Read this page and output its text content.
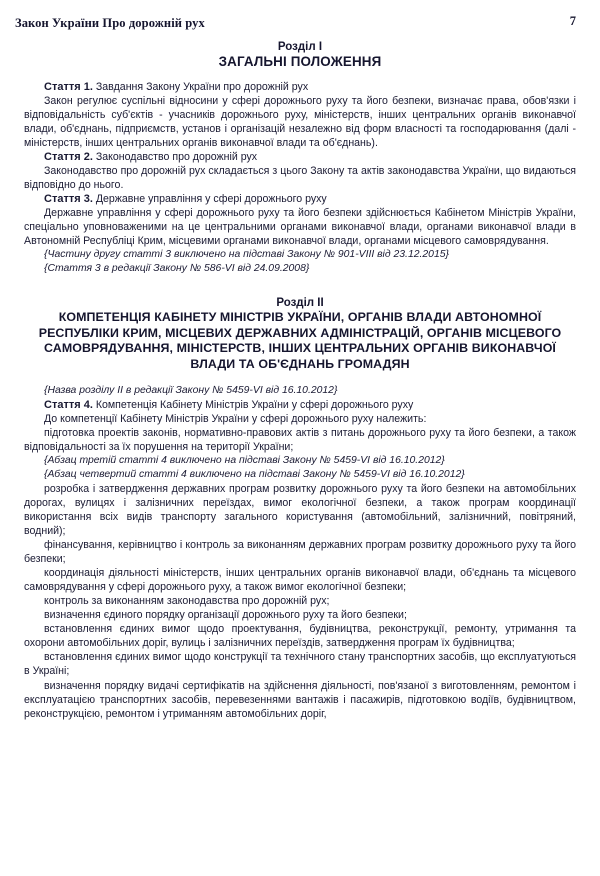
Закон України Про дорожній рух	7
Розділ I
ЗАГАЛЬНІ ПОЛОЖЕННЯ

Стаття 1. Завдання Закону України про дорожній рух

Закон регулює суспільні відносини у сфері дорожнього руху та його безпеки, визначає права, обов'язки і відповідальність суб'єктів - учасників дорожнього руху, міністерств, інших центральних органів виконавчої влади, об'єднань, підприємств, установ і організацій незалежно від форм власності та господарювання (далі - міністерств, інших центральних органів виконавчої влади та об'єднань).

Стаття 2. Законодавство про дорожній рух

Законодавство про дорожній рух складається з цього Закону та актів законодавства України, що видаються відповідно до нього.

Стаття 3. Державне управління у сфері дорожнього руху

Державне управління у сфері дорожнього руху та його безпеки здійснюється Кабінетом Міністрів України, спеціально уповноваженими на це центральними органами виконавчої влади, органами виконавчої влади в Автономній Республіці Крим, місцевими органами виконавчої влади, органами місцевого самоврядування.

{Частину другу статті 3 виключено на підставі Закону № 901-VIII від 23.12.2015}

{Стаття 3 в редакції Закону № 586-VI від 24.09.2008}

Розділ II
КОМПЕТЕНЦІЯ КАБІНЕТУ МІНІСТРІВ УКРАЇНИ, ОРГАНІВ ВЛАДИ АВТОНОМНОЇ РЕСПУБЛІКИ КРИМ, МІСЦЕВИХ ДЕРЖАВНИХ АДМІНІСТРАЦІЙ, ОРГАНІВ МІСЦЕВОГО САМОВРЯДУВАННЯ, МІНІСТЕРСТВ, ІНШИХ ЦЕНТРАЛЬНИХ ОРГАНІВ ВИКОНАВЧОЇ ВЛАДИ ТА ОБ'ЄДНАНЬ ГРОМАДЯН

{Назва розділу II в редакції Закону № 5459-VI від 16.10.2012}

Стаття 4. Компетенція Кабінету Міністрів України у сфері дорожнього руху

До компетенції Кабінету Міністрів України у сфері дорожнього руху належить:

підготовка проектів законів, нормативно-правових актів з питань дорожнього руху та його безпеки, а також відповідальності за їх порушення на території України;

{Абзац третій статті 4 виключено на підставі Закону № 5459-VI від 16.10.2012}

{Абзац четвертий статті 4 виключено на підставі Закону № 5459-VI від 16.10.2012}

розробка і затвердження державних програм розвитку дорожнього руху та його безпеки на автомобільних дорогах, вулицях і залізничних переїздах, вимог екологічної безпеки, а також програм координації використання всіх видів транспорту загального користування (автомобільний, залізничний, повітряний, водний);

фінансування, керівництво і контроль за виконанням державних програм розвитку дорожнього руху та його безпеки;

координація діяльності міністерств, інших центральних органів виконавчої влади, об'єднань та місцевого самоврядування у сфері дорожнього руху, а також вимог екологічної безпеки;

контроль за виконанням законодавства про дорожній рух;

визначення єдиного порядку організації дорожнього руху та його безпеки;

встановлення єдиних вимог щодо проектування, будівництва, реконструкції, ремонту, утримання та охорони автомобільних доріг, вулиць і залізничних переїздів, затвердження програм їх будівництва;

встановлення єдиних вимог щодо конструкції та технічного стану транспортних засобів, що експлуатуються в Україні;

визначення порядку видачі сертифікатів на здійснення діяльності, пов'язаної з виготовленням, ремонтом і експлуатацією транспортних засобів, перевезеннями вантажів і пасажирів, підготовкою водіїв, будівництвом, реконструкцією, ремонтом і утриманням автомобільних доріг,
